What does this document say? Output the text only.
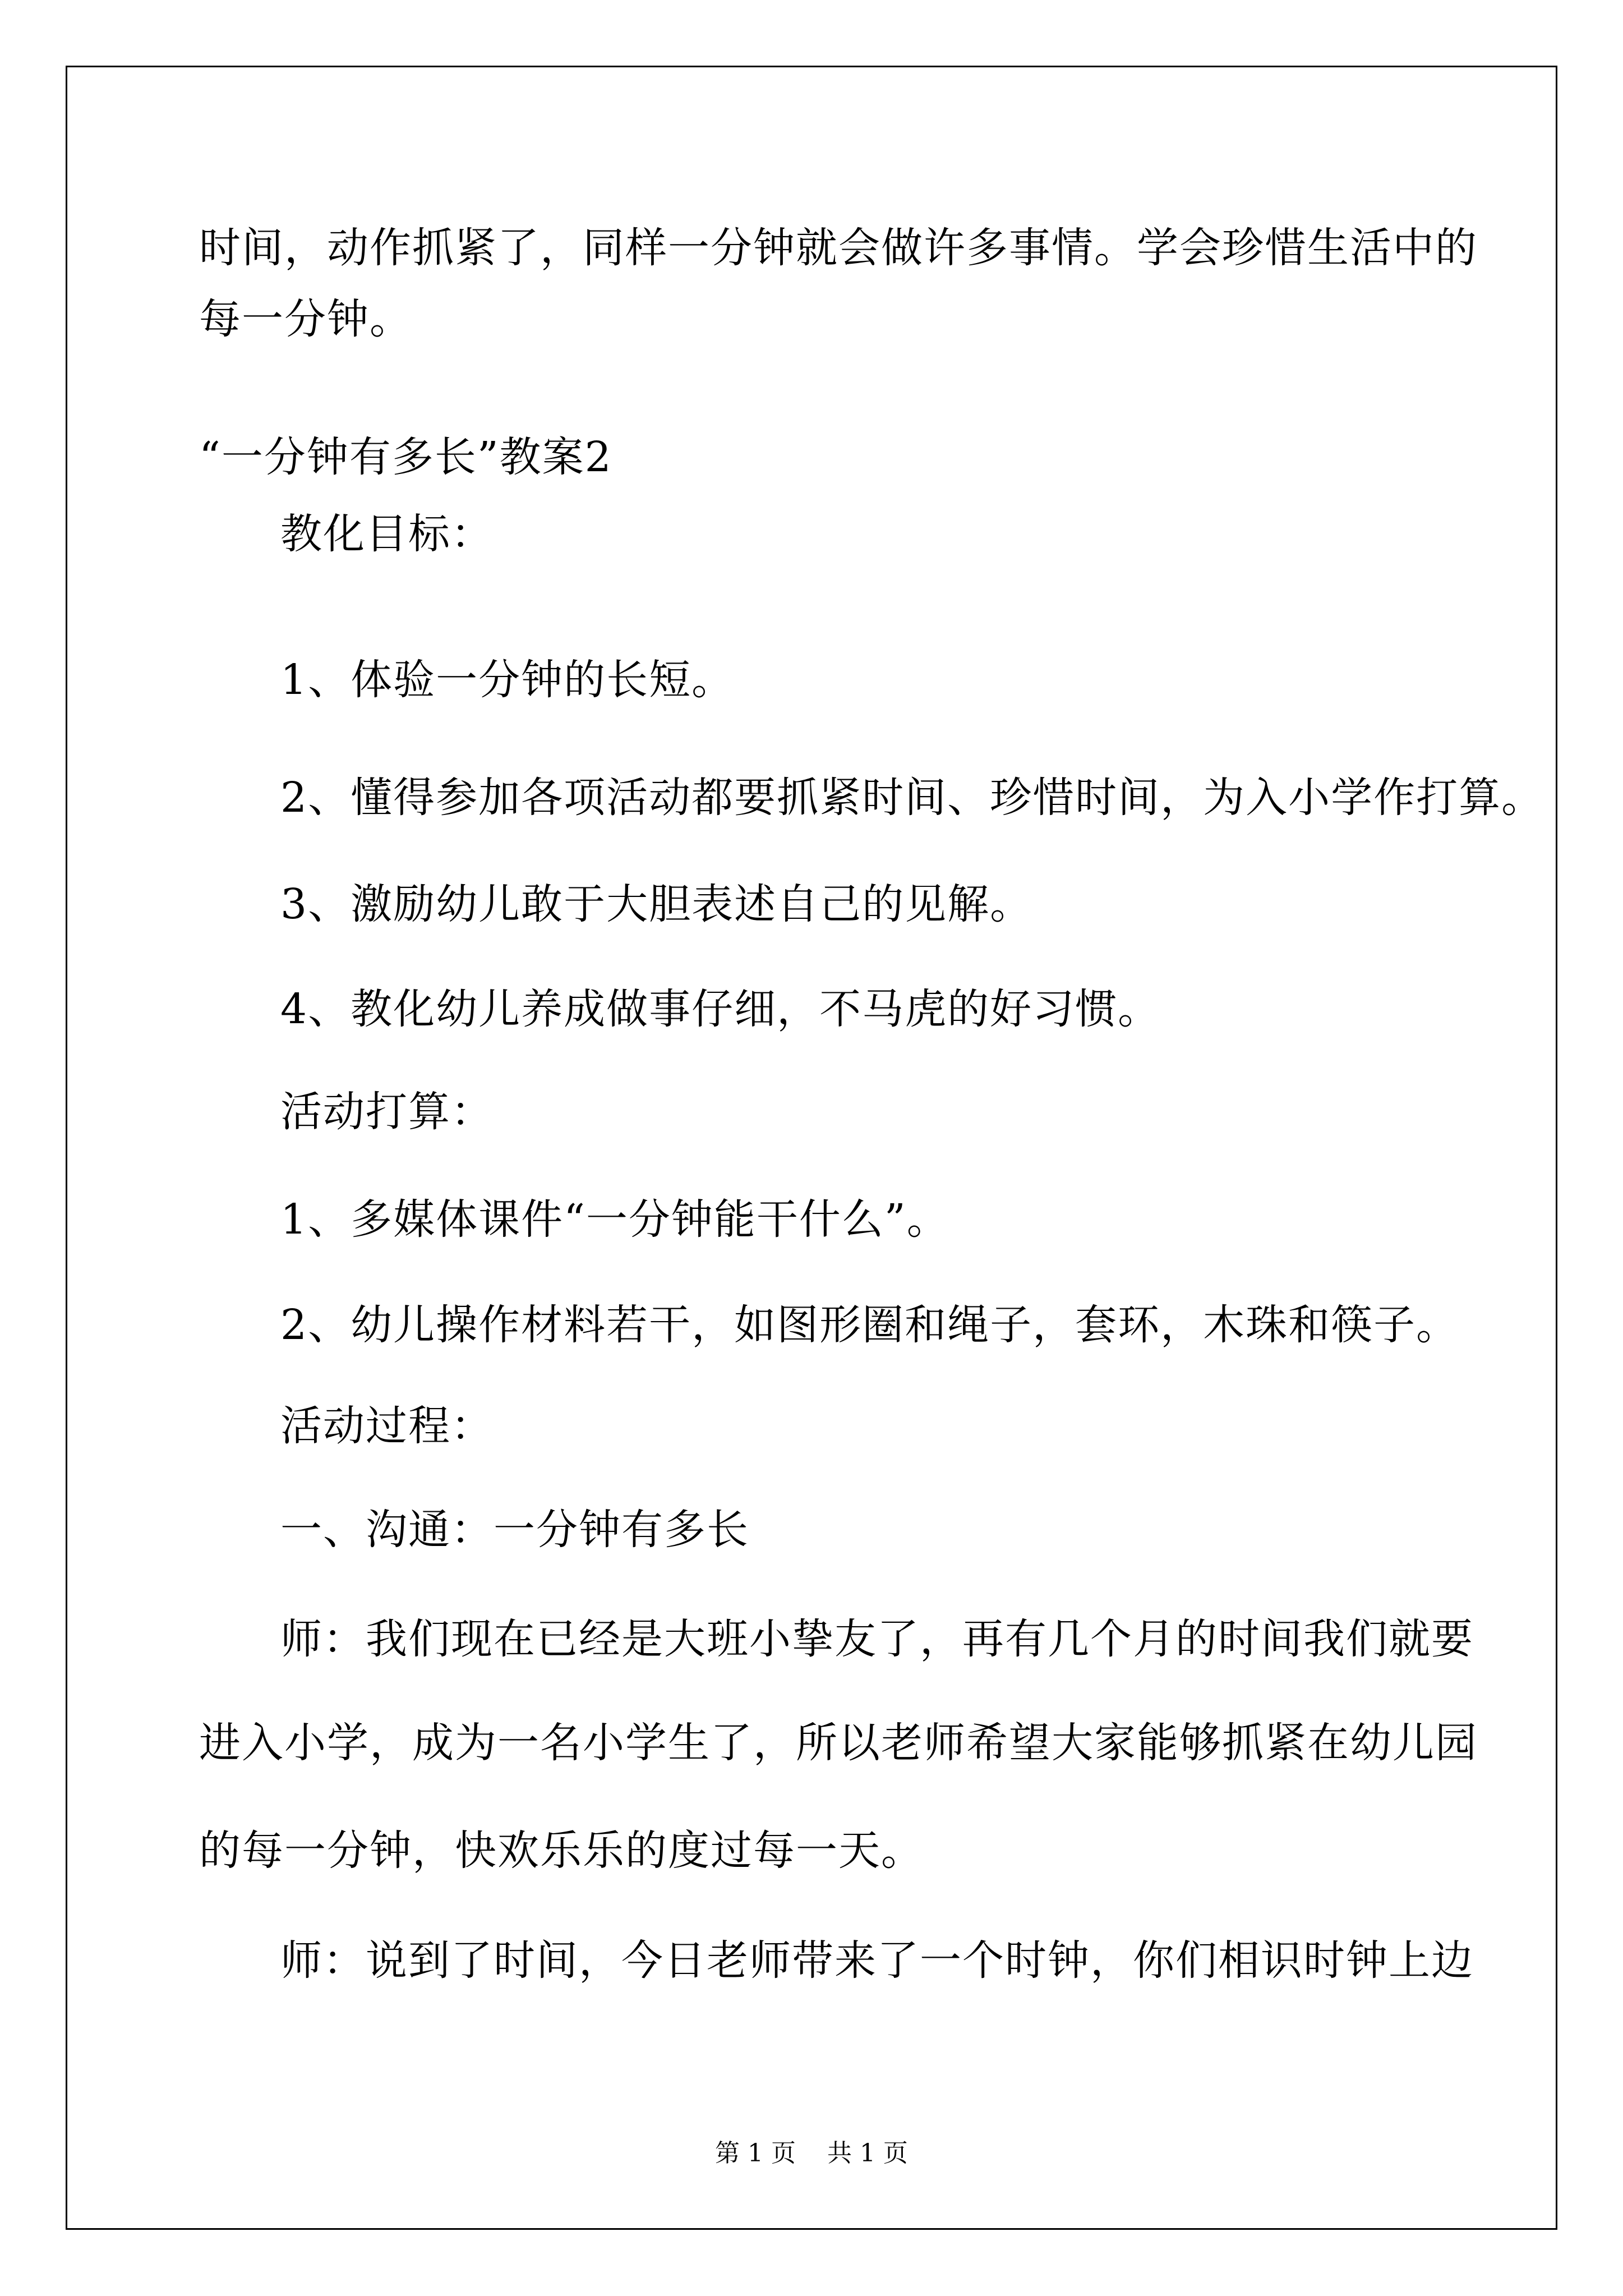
时间，动作抓紧了，同样一分钟就会做许多事情。学会珍惜生活中的
每一分钟。
“一分钟有多长”教案2
教化目标：
1、体验一分钟的长短。
2、懂得参加各项活动都要抓紧时间、珍惜时间，为入小学作打算。
3、激励幼儿敢于大胆表述自己的见解。
4、教化幼儿养成做事仔细，不马虎的好习惯。
活动打算：
1、多媒体课件“一分钟能干什么”。
2、幼儿操作材料若干，如图形圈和绳子，套环，木珠和筷子。
活动过程：
一、沟通：一分钟有多长
师：我们现在已经是大班小挚友了，再有几个月的时间我们就要
进入小学，成为一名小学生了，所以老师希望大家能够抓紧在幼儿园
的每一分钟，快欢乐乐的度过每一天。
师：说到了时间，今日老师带来了一个时钟，你们相识时钟上边
第 1 页    共 1 页
